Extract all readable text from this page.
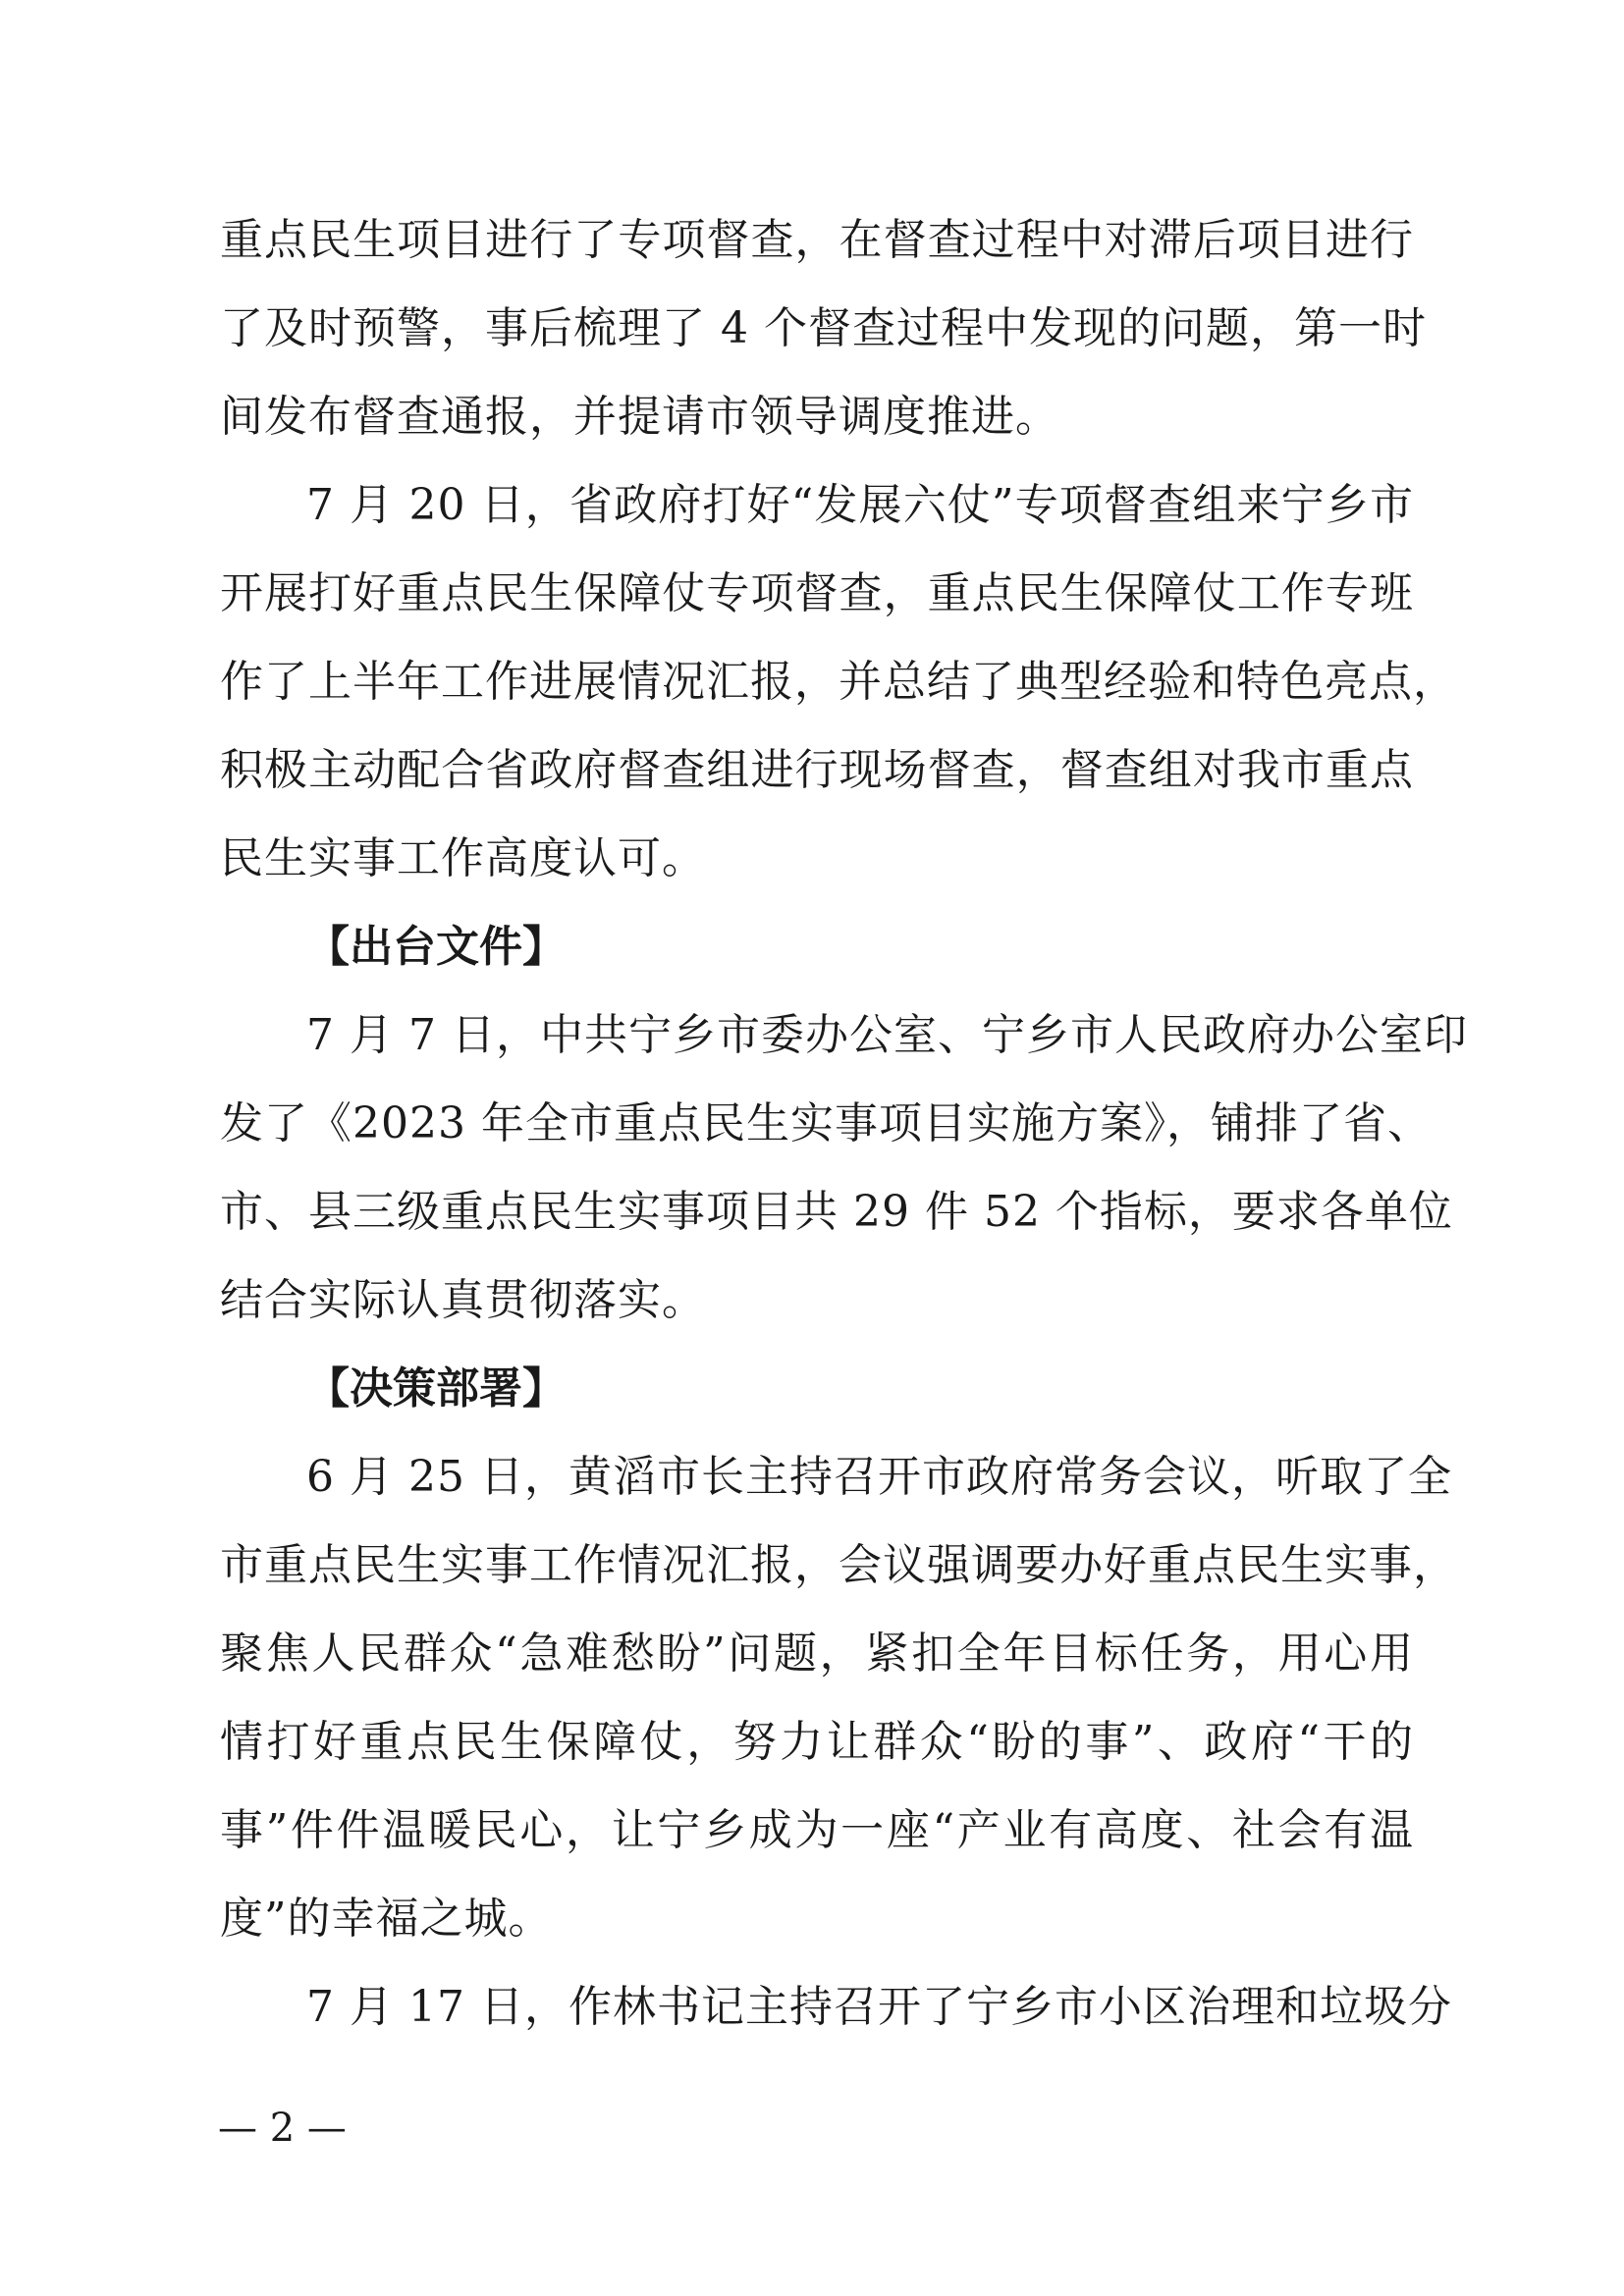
重点民生项目进行了专项督查，在督查过程中对滞后项目进行
了及时预警，事后梳理了 4 个督查过程中发现的问题，第一时
间发布督查通报，并提请市领导调度推进。
7 月 20 日，省政府打好“发展六仗”专项督查组来宁乡市
开展打好重点民生保障仗专项督查，重点民生保障仗工作专班
作了上半年工作进展情况汇报，并总结了典型经验和特色亮点，
积极主动配合省政府督查组进行现场督查，督查组对我市重点
民生实事工作高度认可。
【出台文件】
7 月 7 日，中共宁乡市委办公室、宁乡市人民政府办公室印
发了《2023 年全市重点民生实事项目实施方案》，铺排了省、
市、县三级重点民生实事项目共 29 件 52 个指标，要求各单位
结合实际认真贯彻落实。
【决策部署】
6 月 25 日，黄滔市长主持召开市政府常务会议，听取了全
市重点民生实事工作情况汇报，会议强调要办好重点民生实事，
聚焦人民群众“急难愁盼”问题，紧扣全年目标任务，用心用
情打好重点民生保障仗，努力让群众“盼的事”、政府“干的
事”件件温暖民心，让宁乡成为一座“产业有高度、社会有温
度”的幸福之城。
7 月 17 日，作林书记主持召开了宁乡市小区治理和垃圾分
— 2 —
